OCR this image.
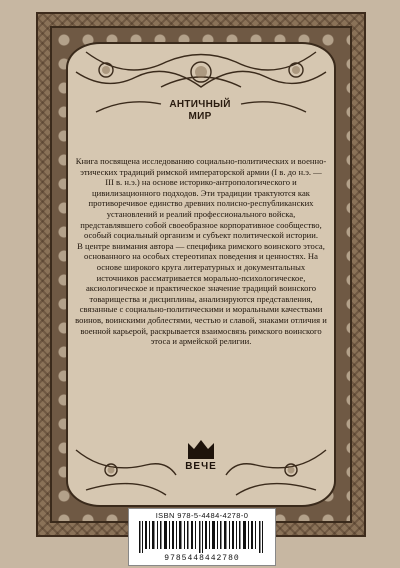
АНТИЧНЫЙ
МИР

Книга посвящена исследованию социально-политических и военно-этических традиций римской императорской армии (I в. до н.э. — III в. н.э.) на основе историко-антропологического и цивилизационного подходов. Эти традиции трактуются как противоречивое единство древних полисно-республиканских установлений и реалий профессионального войска, представлявшего собой своеобразное корпоративное сообщество, особый социальный организм и субъект политической истории.

В центре внимания автора — специфика римского воинского этоса, основанного на особых стереотипах поведения и ценностях. На основе широкого круга литературных и документальных источников рассматривается морально-психологическое, аксиологическое и практическое значение традиций воинского товарищества и дисциплины, анализируются представления, связанные с социально-политическими и моральными качествами воинов, воинскими доблестями, честью и славой, знаками отличия и военной карьерой, раскрывается взаимосвязь римского воинского этоса и армейской религии.

ВЕЧЕ
ISBN 978-5-4484-4278-0
9785448442780
